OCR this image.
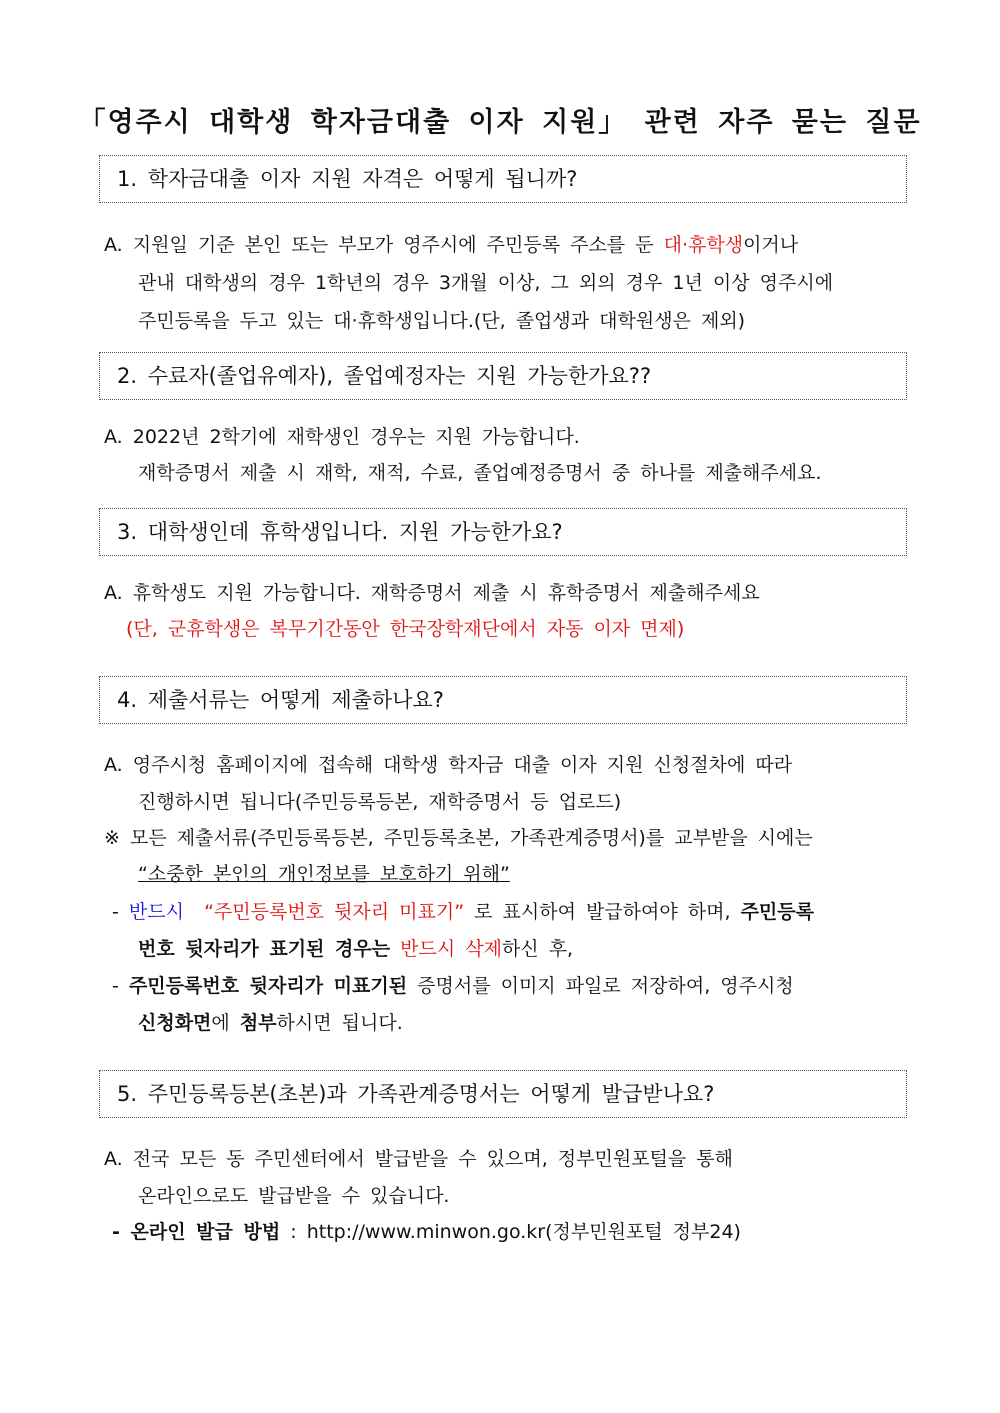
「영주시 대학생 학자금대출 이자 지원」 관련 자주 묻는 질문
1. 학자금대출 이자 지원 자격은 어떻게 됩니까?
A. 지원일 기준 본인 또는 부모가 영주시에 주민등록 주소를 둔 대·휴학생이거나
관내 대학생의 경우 1학년의 경우 3개월 이상, 그 외의 경우 1년 이상 영주시에
주민등록을 두고 있는 대·휴학생입니다.(단, 졸업생과 대학원생은 제외)
2. 수료자(졸업유예자), 졸업예정자는 지원 가능한가요??
A. 2022년 2학기에 재학생인 경우는 지원 가능합니다.
재학증명서 제출 시 재학, 재적, 수료, 졸업예정증명서 중 하나를 제출해주세요.
3. 대학생인데 휴학생입니다. 지원 가능한가요?
A. 휴학생도 지원 가능합니다. 재학증명서 제출 시 휴학증명서 제출해주세요
(단, 군휴학생은 복무기간동안 한국장학재단에서 자동 이자 면제)
4. 제출서류는 어떻게 제출하나요?
A. 영주시청 홈페이지에 접속해 대학생 학자금 대출 이자 지원 신청절차에 따라
진행하시면 됩니다(주민등록등본, 재학증명서 등 업로드)
※ 모든 제출서류(주민등록등본, 주민등록초본, 가족관계증명서)를 교부받을 시에는
“소중한 본인의 개인정보를 보호하기 위해”
- 반드시 “주민등록번호 뒷자리 미표기” 로 표시하여 발급하여야 하며, 주민등록
번호 뒷자리가 표기된 경우는 반드시 삭제하신 후,
- 주민등록번호 뒷자리가 미표기된 증명서를 이미지 파일로 저장하여, 영주시청
신청화면에 첨부하시면 됩니다.
5. 주민등록등본(초본)과 가족관계증명서는 어떻게 발급받나요?
A. 전국 모든 동 주민센터에서 발급받을 수 있으며, 정부민원포털을 통해
온라인으로도 발급받을 수 있습니다.
- 온라인 발급 방법 : http://www.minwon.go.kr(정부민원포털 정부24)
